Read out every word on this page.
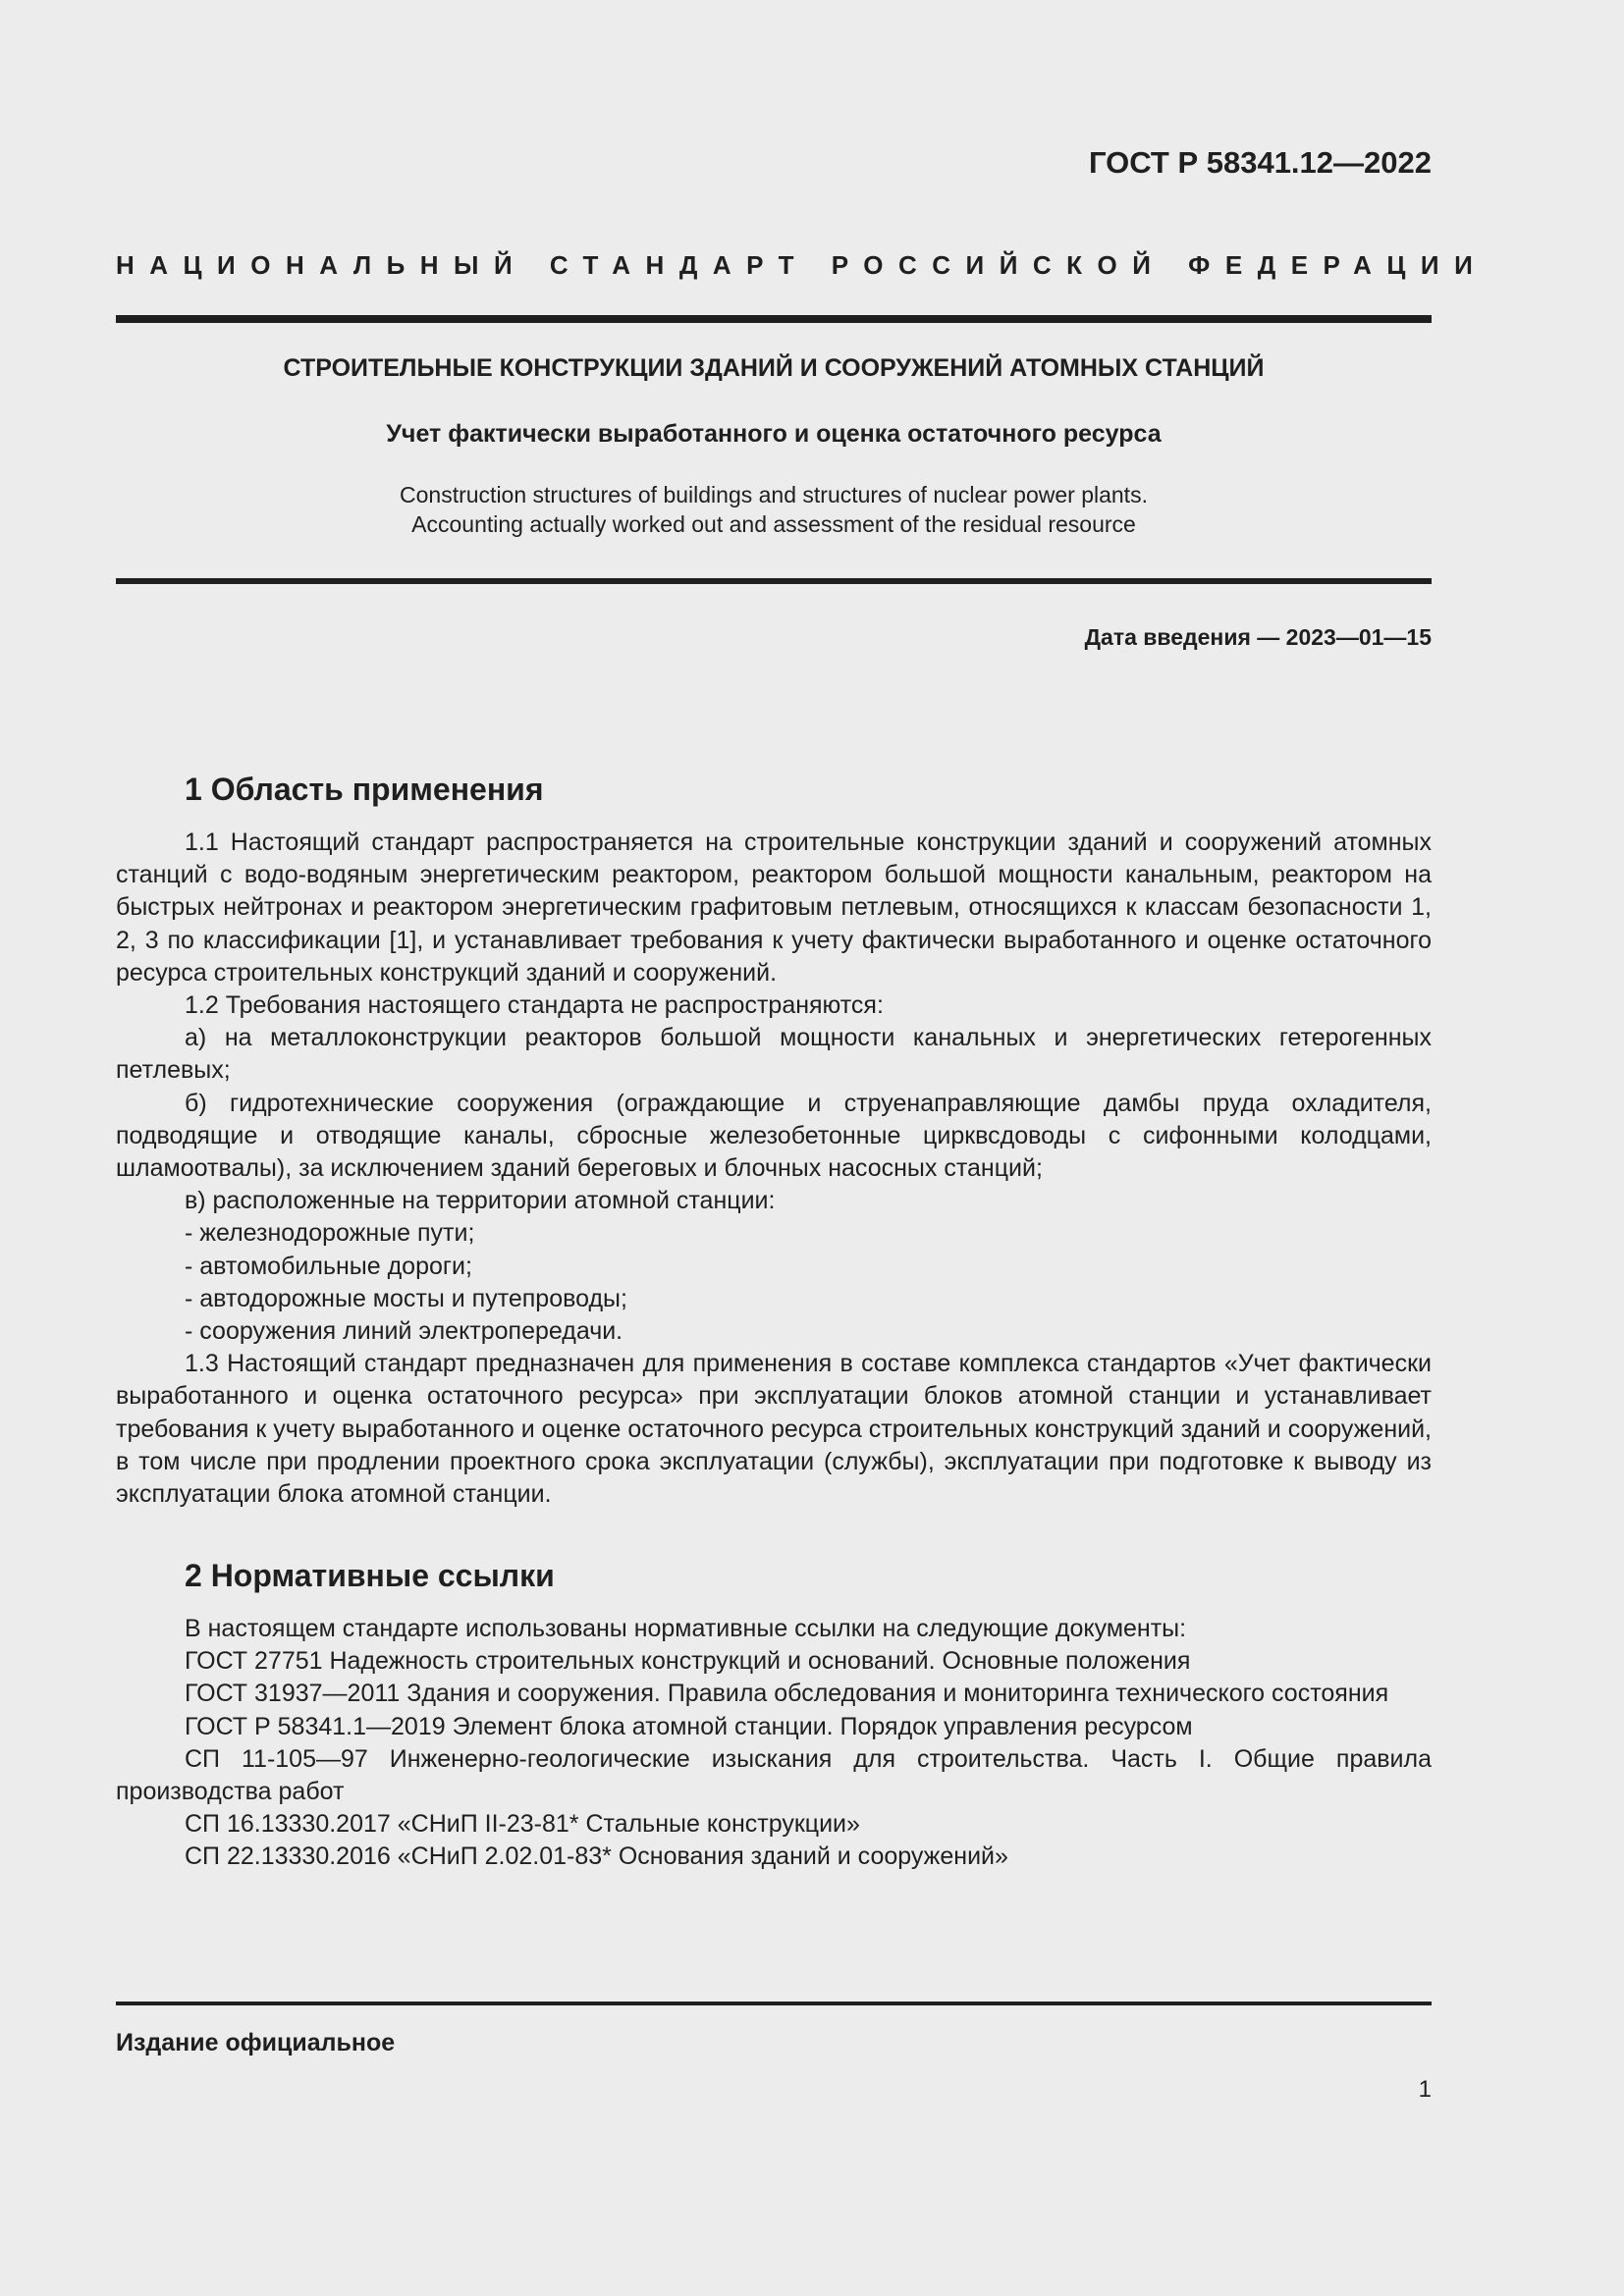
ГОСТ Р 58341.12—2022
НАЦИОНАЛЬНЫЙ СТАНДАРТ РОССИЙСКОЙ ФЕДЕРАЦИИ
СТРОИТЕЛЬНЫЕ КОНСТРУКЦИИ ЗДАНИЙ И СООРУЖЕНИЙ АТОМНЫХ СТАНЦИЙ
Учет фактически выработанного и оценка остаточного ресурса
Construction structures of buildings and structures of nuclear power plants.
Accounting actually worked out and assessment of the residual resource
Дата введения — 2023—01—15
1 Область применения

1.1 Настоящий стандарт распространяется на строительные конструкции зданий и сооружений атомных станций с водо-водяным энергетическим реактором, реактором большой мощности канальным, реактором на быстрых нейтронах и реактором энергетическим графитовым петлевым, относящихся к классам безопасности 1, 2, 3 по классификации [1], и устанавливает требования к учету фактически выработанного и оценке остаточного ресурса строительных конструкций зданий и сооружений.

1.2 Требования настоящего стандарта не распространяются:

а) на металлоконструкции реакторов большой мощности канальных и энергетических гетерогенных петлевых;

б) гидротехнические сооружения (ограждающие и струенаправляющие дамбы пруда охладителя, подводящие и отводящие каналы, сбросные железобетонные цирквсдоводы с сифонными колодцами, шламоотвалы), за исключением зданий береговых и блочных насосных станций;

в) расположенные на территории атомной станции:

- железнодорожные пути;

- автомобильные дороги;

- автодорожные мосты и путепроводы;

- сооружения линий электропередачи.

1.3 Настоящий стандарт предназначен для применения в составе комплекса стандартов «Учет фактически выработанного и оценка остаточного ресурса» при эксплуатации блоков атомной станции и устанавливает требования к учету выработанного и оценке остаточного ресурса строительных конструкций зданий и сооружений, в том числе при продлении проектного срока эксплуатации (службы), эксплуатации при подготовке к выводу из эксплуатации блока атомной станции.

2 Нормативные ссылки

В настоящем стандарте использованы нормативные ссылки на следующие документы:

ГОСТ 27751 Надежность строительных конструкций и оснований. Основные положения

ГОСТ 31937—2011 Здания и сооружения. Правила обследования и мониторинга технического состояния

ГОСТ Р 58341.1—2019 Элемент блока атомной станции. Порядок управления ресурсом

СП 11-105—97 Инженерно-геологические изыскания для строительства. Часть I. Общие правила производства работ

СП 16.13330.2017 «СНиП II-23-81* Стальные конструкции»

СП 22.13330.2016 «СНиП 2.02.01-83* Основания зданий и сооружений»

Издание официальное
1
